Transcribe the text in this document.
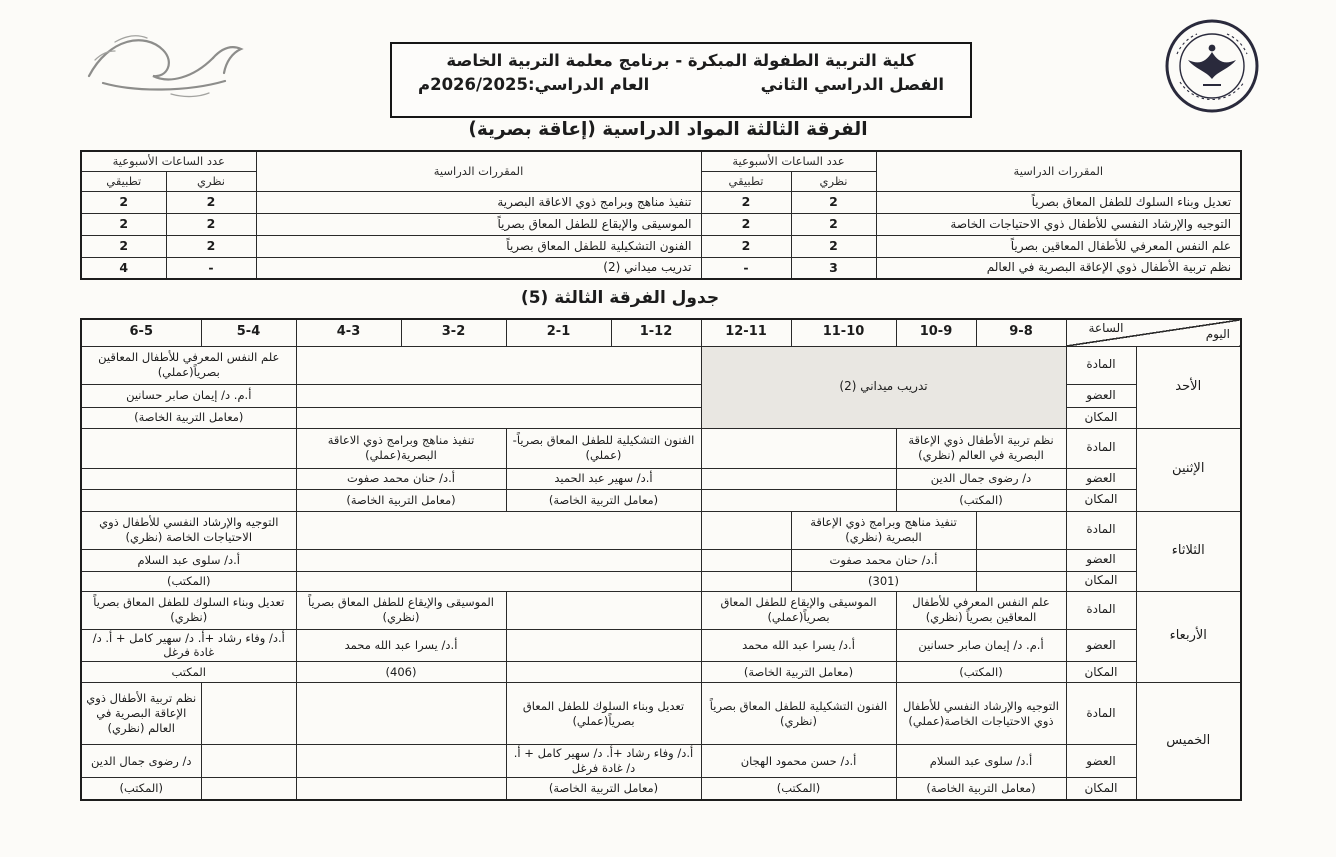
كلية التربية الطفولة المبكرة - برنامج معلمة التربية الخاصة
الفصل الدراسي الثاني
العام الدراسي:2026/2025م
الفرقة الثالثة المواد الدراسية (إعاقة بصرية)
المقررات الدراسية	عدد الساعات الأسبوعية		المقررات الدراسية	عدد الساعات الأسبوعية	
	نظري	تطبيقي		نظري	تطبيقي
تعديل وبناء السلوك للطفل المعاق بصرياً	2	2	تنفيذ مناهج وبرامج ذوي الاعاقة البصرية	2	2
التوجيه والإرشاد النفسي للأطفال ذوي الاحتياجات الخاصة	2	2	الموسيقى والإيقاع للطفل المعاق بصرياً	2	2
علم النفس المعرفي للأطفال المعاقين بصرياً	2	2	الفنون التشكيلية للطفل المعاق بصرياً	2	2
نظم تربية الأطفال ذوي الإعاقة البصرية في العالم	3	-	تدريب ميداني (2)	-	4
جدول الفرقة الثالثة (5)
الساعة اليوم		9-8	10-9	11-10	12-11	1-12	2-1	3-2	4-3	5-4	6-5
الأحد	المادة	تدريب ميداني (2)								علم النفس المعرفي للأطفال المعاقين بصرياً(عملي)	
	العضو									أ.م. د/ إيمان صابر حسانين	
	المكان									(معامل التربية الخاصة)	
الإثنين	المادة	نظم تربية الأطفال ذوي الإعاقة البصرية في العالم (نظري)				الفنون التشكيلية للطفل المعاق بصرياً- (عملي)		تنفيذ مناهج وبرامج ذوي الاعاقة البصرية(عملي)			
	العضو	د/ رضوى جمال الدين				أ.د/ سهير عبد الحميد		أ.د/ حنان محمد صفوت			
	المكان	(المكتب)				(معامل التربية الخاصة)		(معامل التربية الخاصة)			
الثلاثاء	المادة		تنفيذ مناهج وبرامج ذوي الإعاقة البصرية (نظري)							التوجيه والإرشاد النفسي للأطفال ذوي الاحتياجات الخاصة (نظري)	
	العضو		أ.د/ حنان محمد صفوت							أ.د/ سلوى عبد السلام	
	المكان		(301)							(المكتب)	
الأربعاء	المادة	علم النفس المعرفي للأطفال المعاقين بصرياً (نظري)		الموسيقى والإيقاع للطفل المعاق بصرياً(عملي)				الموسيقى والإيقاع للطفل المعاق بصرياً (نظري)		تعديل وبناء السلوك للطفل المعاق بصرياً (نظري)	
	العضو	أ.م. د/ إيمان صابر حسانين		أ.د/ يسرا عبد الله محمد				أ.د/ يسرا عبد الله محمد		أ.د/ وفاء رشاد +أ. د/ سهير كامل + أ. د/ غادة فرغل	
	المكان	(المكتب)		(معامل التربية الخاصة)				(406)		المكتب	
الخميس	المادة	التوجيه والإرشاد النفسي للأطفال ذوي الاحتياجات الخاصة(عملي)		الفنون التشكيلية للطفل المعاق بصرياً (نظري)		تعديل وبناء السلوك للطفل المعاق بصرياً(عملي)					نظم تربية الأطفال ذوي الإعاقة البصرية في العالم (نظري)
	العضو	أ.د/ سلوى عبد السلام		أ.د/ حسن محمود الهجان		أ.د/ وفاء رشاد +أ. د/ سهير كامل + أ. د/ غادة فرغل					د/ رضوى جمال الدين
	المكان	(معامل التربية الخاصة)		(المكتب)		(معامل التربية الخاصة)					(المكتب)
